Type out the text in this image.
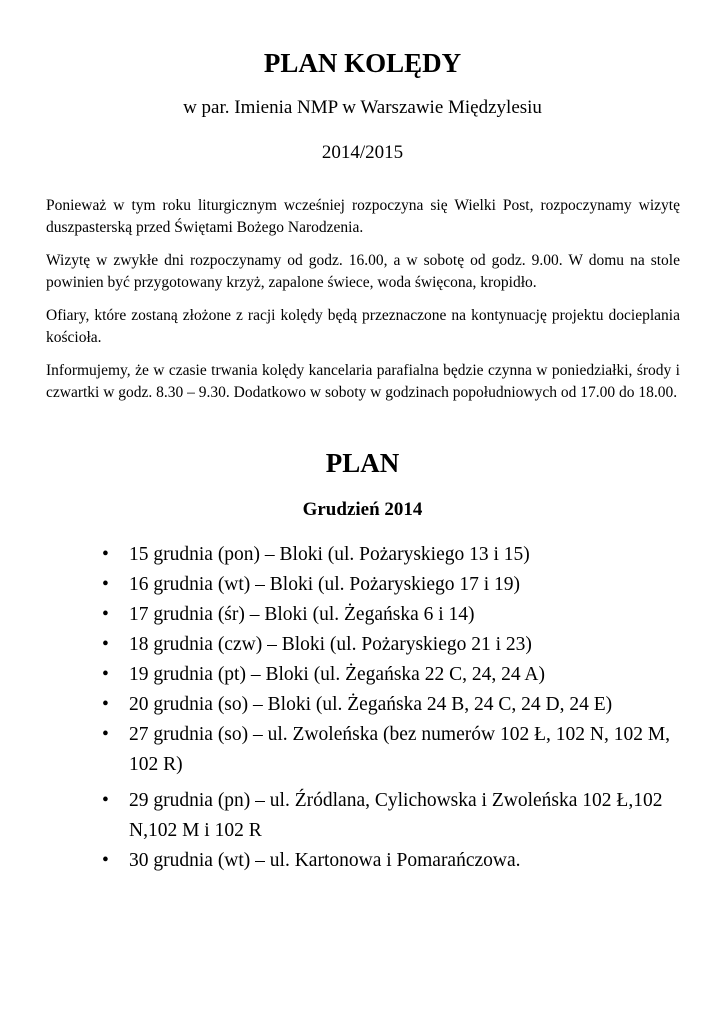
PLAN KOLĘDY
w par. Imienia NMP w Warszawie Międzylesiu
2014/2015

Ponieważ w tym roku liturgicznym wcześniej rozpoczyna się Wielki Post, rozpoczynamy wizytę duszpasterską przed Świętami Bożego Narodzenia.

Wizytę w zwykłe dni rozpoczynamy od godz. 16.00, a w sobotę od godz. 9.00. W domu na stole powinien być przygotowany krzyż, zapalone świece, woda święcona, kropidło.

Ofiary, które zostaną złożone z racji kolędy będą przeznaczone na kontynuację projektu docieplania kościoła.

Informujemy, że w czasie trwania kolędy kancelaria parafialna będzie czynna w poniedziałki, środy i czwartki w godz. 8.30 – 9.30. Dodatkowo w soboty w godzinach popołudniowych od 17.00 do 18.00.

PLAN
Grudzień 2014
•	15 grudnia (pon) – Bloki (ul. Pożaryskiego 13 i 15)
•	16 grudnia (wt) – Bloki (ul. Pożaryskiego 17 i 19)
•	17 grudnia (śr) – Bloki (ul. Żegańska 6 i 14)
•	18 grudnia (czw) – Bloki (ul. Pożaryskiego 21 i 23)
•	19 grudnia (pt) – Bloki (ul. Żegańska 22 C, 24, 24 A)
•	20 grudnia (so) – Bloki (ul. Żegańska 24 B, 24 C, 24 D, 24 E)
•	27 grudnia (so) – ul. Zwoleńska (bez numerów 102 Ł, 102 N, 102 M, 102 R)
•	29 grudnia (pn) – ul. Źródlana, Cylichowska i Zwoleńska 102 Ł,102 N,102 M i 102 R
•	30 grudnia (wt) – ul. Kartonowa i Pomarańczowa.
